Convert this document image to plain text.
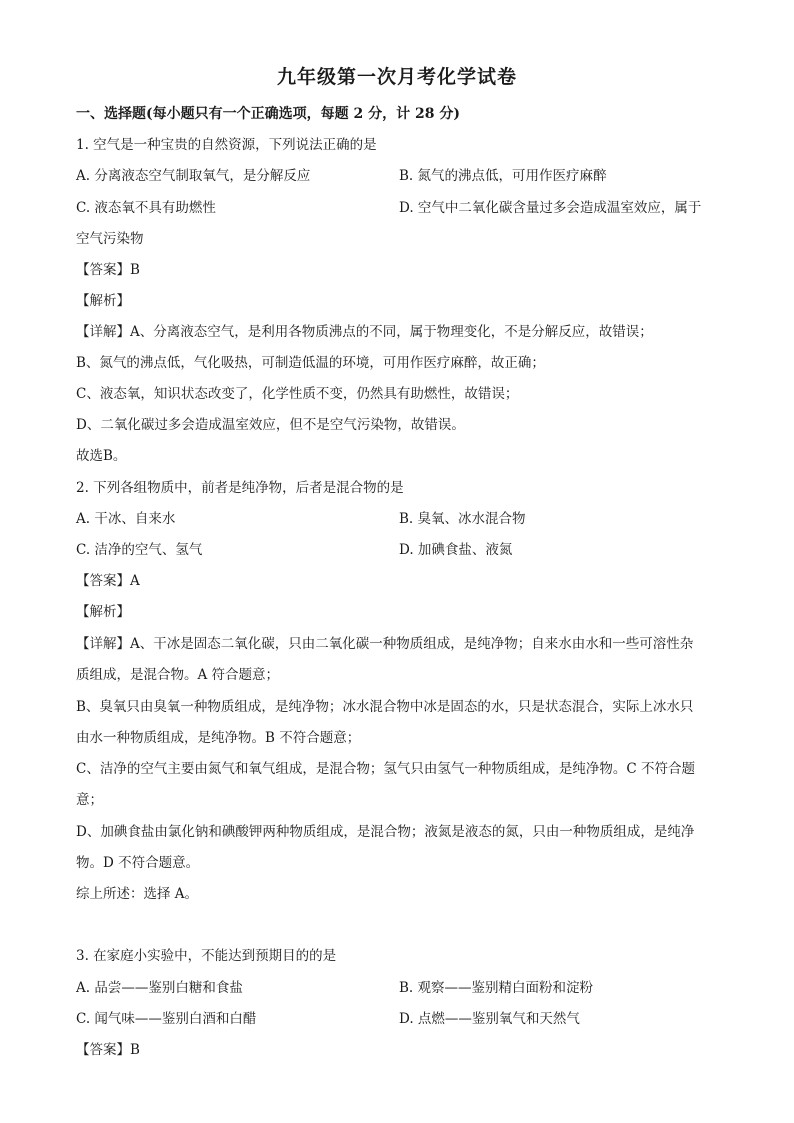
九年级第一次月考化学试卷
一、选择题(每小题只有一个正确选项，每题 2 分，计 28 分)
1. 空气是一种宝贵的自然资源，下列说法正确的是
A. 分离液态空气制取氧气，是分解反应	B. 氮气的沸点低，可用作医疗麻醉
C. 液态氧不具有助燃性	D. 空气中二氧化碳含量过多会造成温室效应，属于
空气污染物
【答案】B
【解析】
【详解】A、分离液态空气，是利用各物质沸点的不同，属于物理变化，不是分解反应，故错误；
B、氮气的沸点低，气化吸热，可制造低温的环境，可用作医疗麻醉，故正确；
C、液态氧，知识状态改变了，化学性质不变，仍然具有助燃性，故错误；
D、二氧化碳过多会造成温室效应，但不是空气污染物，故错误。
故选B。
2. 下列各组物质中，前者是纯净物，后者是混合物的是
A. 干冰、自来水	B. 臭氧、冰水混合物
C. 洁净的空气、氢气	D. 加碘食盐、液氮
【答案】A
【解析】
【详解】A、干冰是固态二氧化碳，只由二氧化碳一种物质组成，是纯净物；自来水由水和一些可溶性杂
质组成，是混合物。A 符合题意；
B、臭氧只由臭氧一种物质组成，是纯净物；冰水混合物中冰是固态的水，只是状态混合，实际上冰水只
由水一种物质组成，是纯净物。B 不符合题意；
C、洁净的空气主要由氮气和氧气组成，是混合物；氢气只由氢气一种物质组成，是纯净物。C 不符合题
意；
D、加碘食盐由氯化钠和碘酸钾两种物质组成，是混合物；液氮是液态的氮，只由一种物质组成，是纯净
物。D 不符合题意。
综上所述：选择 A。
3. 在家庭小实验中，不能达到预期目的的是
A. 品尝——鉴别白糖和食盐	B. 观察——鉴别精白面粉和淀粉
C. 闻气味——鉴别白酒和白醋	D. 点燃——鉴别氧气和天然气
【答案】B
